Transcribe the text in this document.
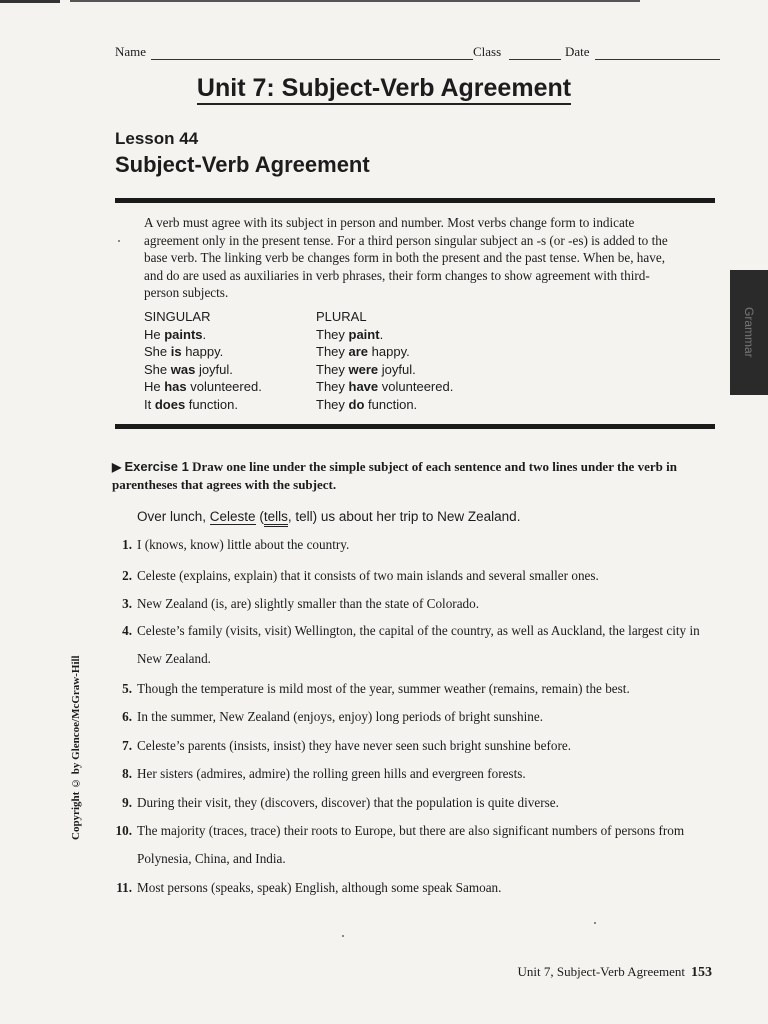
Name	Class	Date
Unit 7: Subject-Verb Agreement
Lesson 44
Subject-Verb Agreement
A verb must agree with its subject in person and number. Most verbs change form to indicate agreement only in the present tense. For a third person singular subject an -s (or -es) is added to the base verb. The linking verb be changes form in both the present and the past tense. When be, have, and do are used as auxiliaries in verb phrases, their form changes to show agreement with third-person subjects.
SINGULAR
He paints.
She is happy.
She was joyful.
He has volunteered.
It does function.
PLURAL
They paint.
They are happy.
They were joyful.
They have volunteered.
They do function.
▶ Exercise 1 Draw one line under the simple subject of each sentence and two lines under the verb in parentheses that agrees with the subject.
Over lunch, Celeste (tells, tell) us about her trip to New Zealand.
1. I (knows, know) little about the country.
2. Celeste (explains, explain) that it consists of two main islands and several smaller ones.
3. New Zealand (is, are) slightly smaller than the state of Colorado.
4. Celeste’s family (visits, visit) Wellington, the capital of the country, as well as Auckland, the largest city in New Zealand.
5. Though the temperature is mild most of the year, summer weather (remains, remain) the best.
6. In the summer, New Zealand (enjoys, enjoy) long periods of bright sunshine.
7. Celeste’s parents (insists, insist) they have never seen such bright sunshine before.
8. Her sisters (admires, admire) the rolling green hills and evergreen forests.
9. During their visit, they (discovers, discover) that the population is quite diverse.
10. The majority (traces, trace) their roots to Europe, but there are also significant numbers of persons from Polynesia, China, and India.
11. Most persons (speaks, speak) English, although some speak Samoan.
Grammar
Copyright © by Glencoe/McGraw-Hill
Unit 7, Subject-Verb Agreement 153
